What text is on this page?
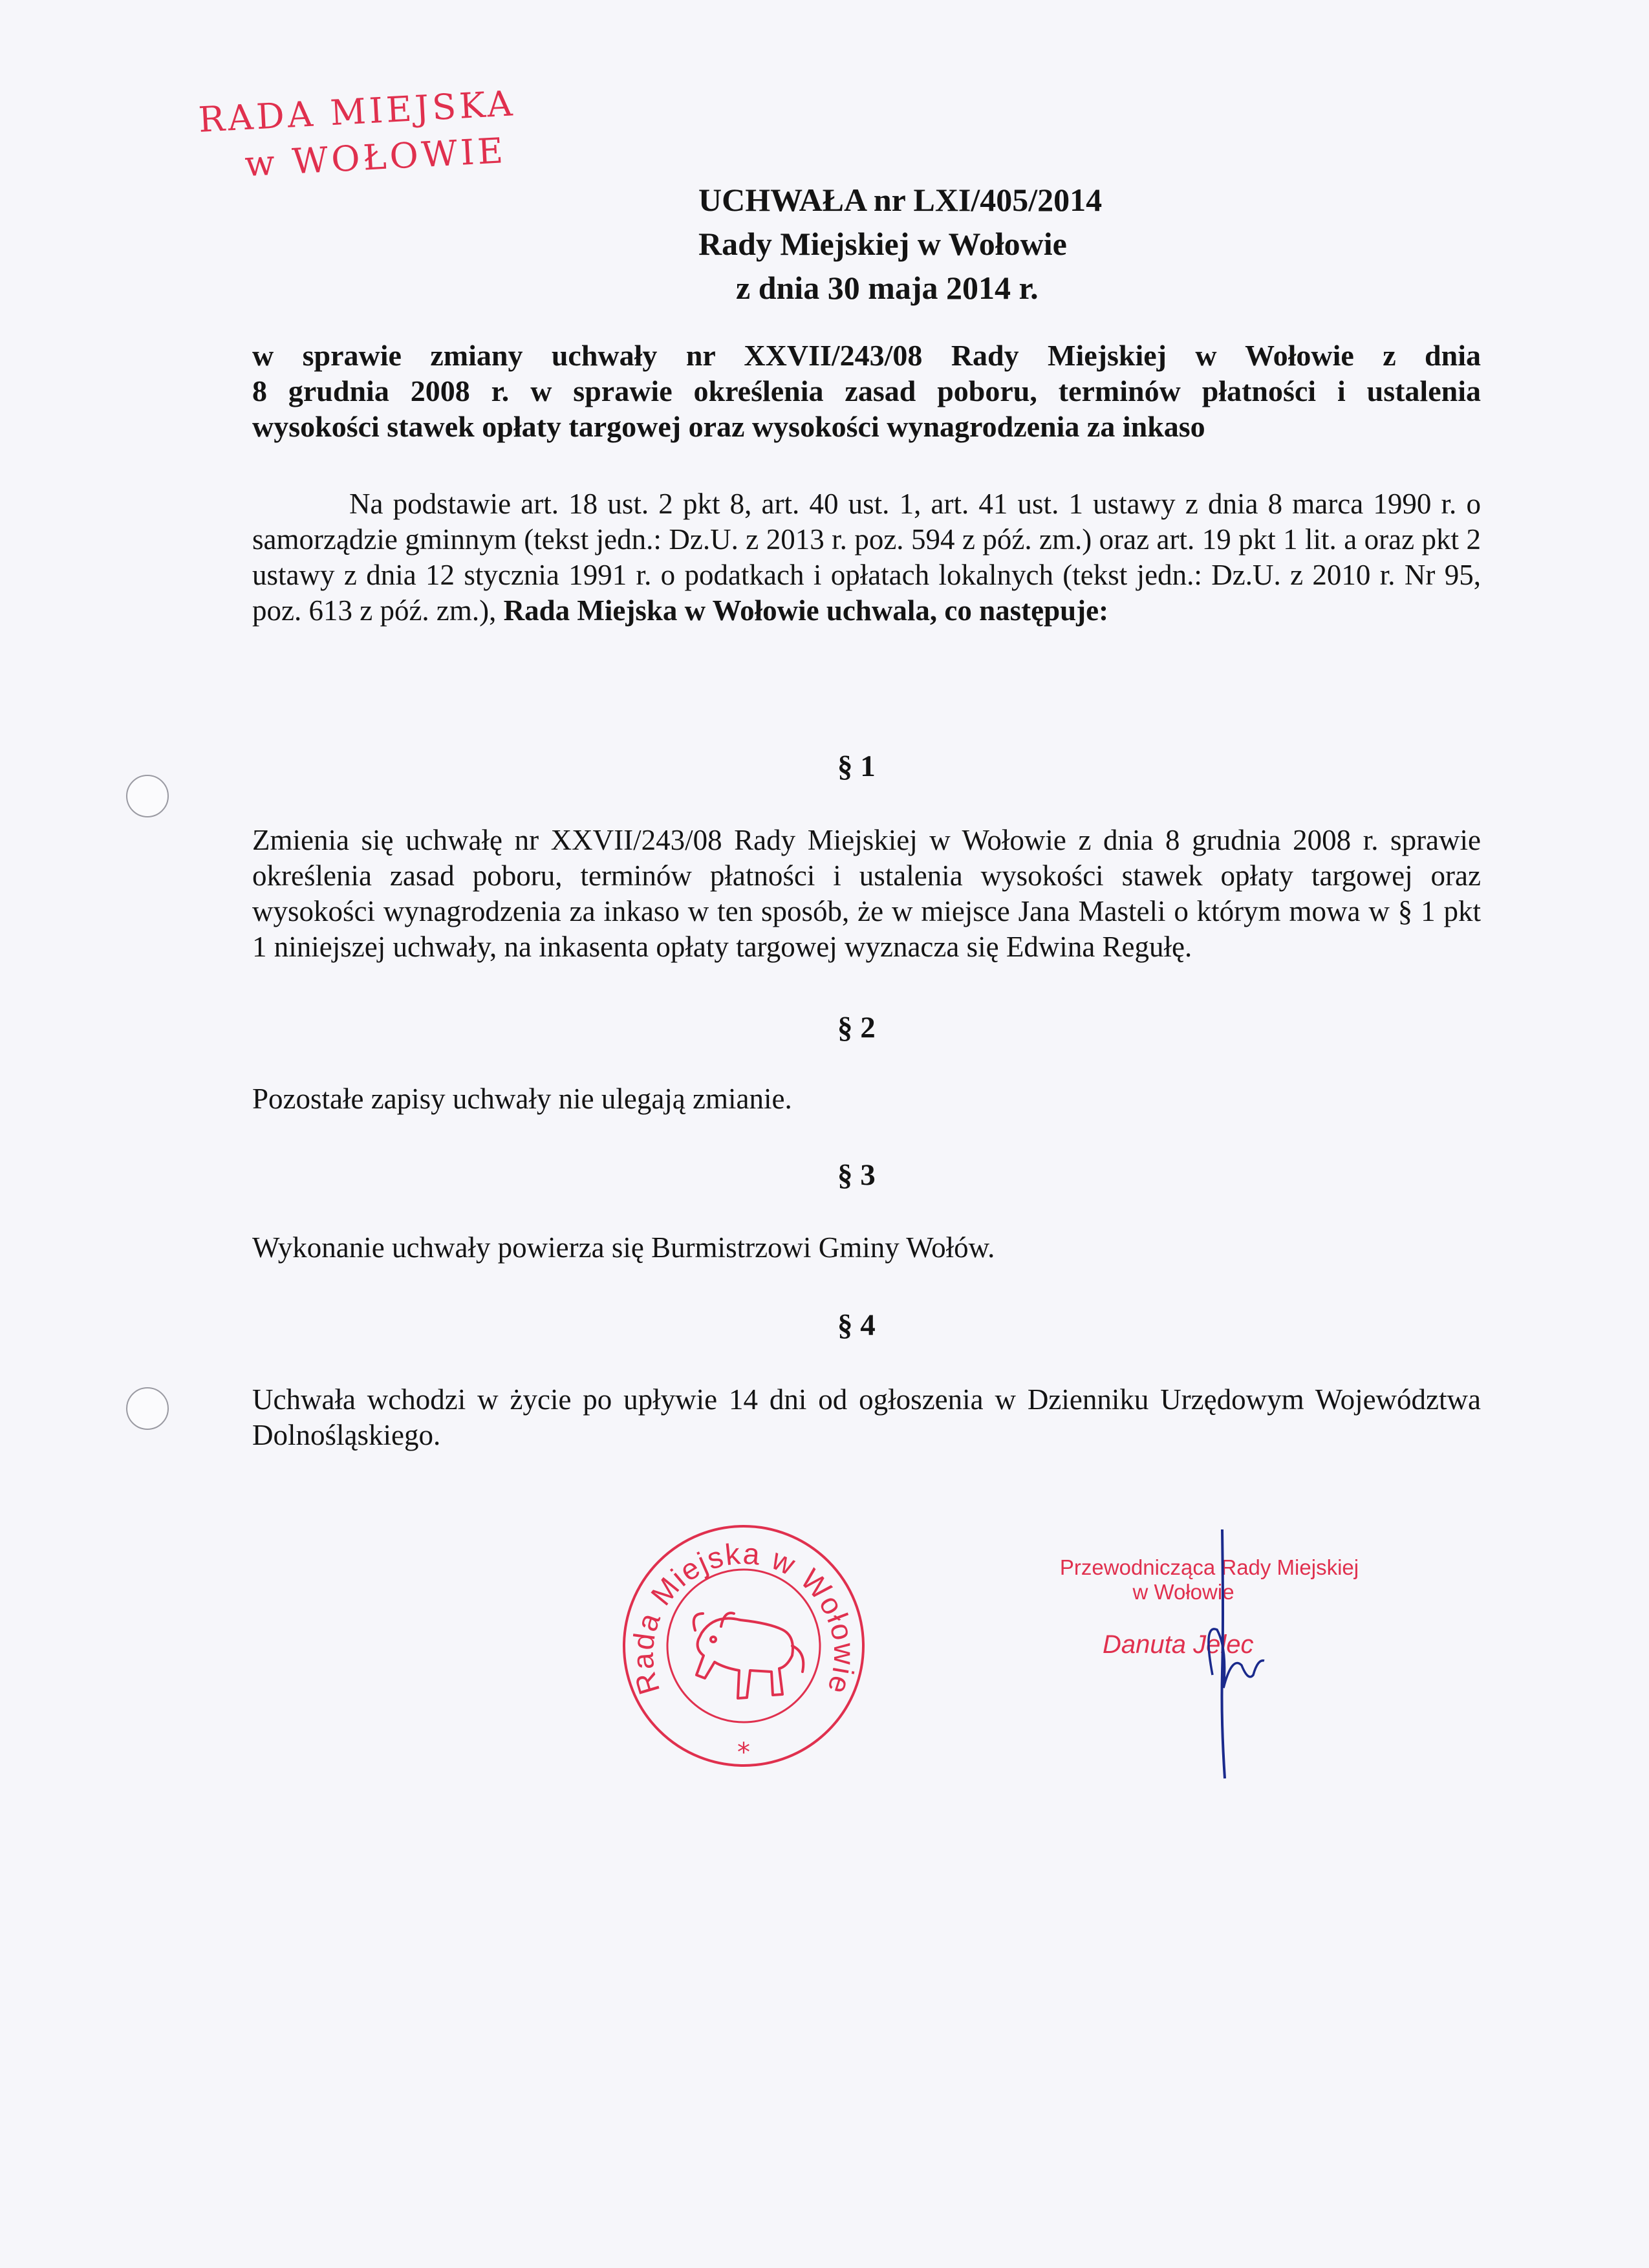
RADA MIEJSKA
w WOŁOWIE
UCHWAŁA nr LXI/405/2014
Rady Miejskiej w Wołowie
z dnia 30 maja 2014 r.
w sprawie zmiany uchwały nr XXVII/243/08 Rady Miejskiej w Wołowie z dnia
8 grudnia 2008 r. w sprawie określenia zasad poboru, terminów płatności i ustalenia
wysokości stawek opłaty targowej oraz wysokości wynagrodzenia za inkaso

Na podstawie art. 18 ust. 2 pkt 8, art. 40 ust. 1, art. 41 ust. 1 ustawy z dnia 8 marca 1990 r. o samorządzie gminnym (tekst jedn.: Dz.U. z 2013 r. poz. 594 z póź. zm.) oraz art. 19 pkt 1 lit. a oraz pkt 2 ustawy z dnia 12 stycznia 1991 r. o podatkach i opłatach lokalnych (tekst jedn.: Dz.U. z 2010 r. Nr 95, poz. 613 z póź. zm.), Rada Miejska w Wołowie uchwala, co następuje:

§ 1
Zmienia się uchwałę nr XXVII/243/08 Rady Miejskiej w Wołowie z dnia 8 grudnia 2008 r. sprawie określenia zasad poboru, terminów płatności i ustalenia wysokości stawek opłaty targowej oraz wysokości wynagrodzenia za inkaso w ten sposób, że w miejsce Jana Masteli o którym mowa w § 1 pkt 1 niniejszej uchwały, na inkasenta opłaty targowej wyznacza się Edwina Regułę.
§ 2
Pozostałe zapisy uchwały nie ulegają zmianie.
§ 3
Wykonanie uchwały powierza się Burmistrzowi Gminy Wołów.
§ 4
Uchwała wchodzi w życie po upływie 14 dni od ogłoszenia w Dzienniku Urzędowym Województwa Dolnośląskiego.
Rada Miejska w Wołowie
*
Przewodnicząca Rady Miejskiej
w Wołowie
Danuta Jelec
